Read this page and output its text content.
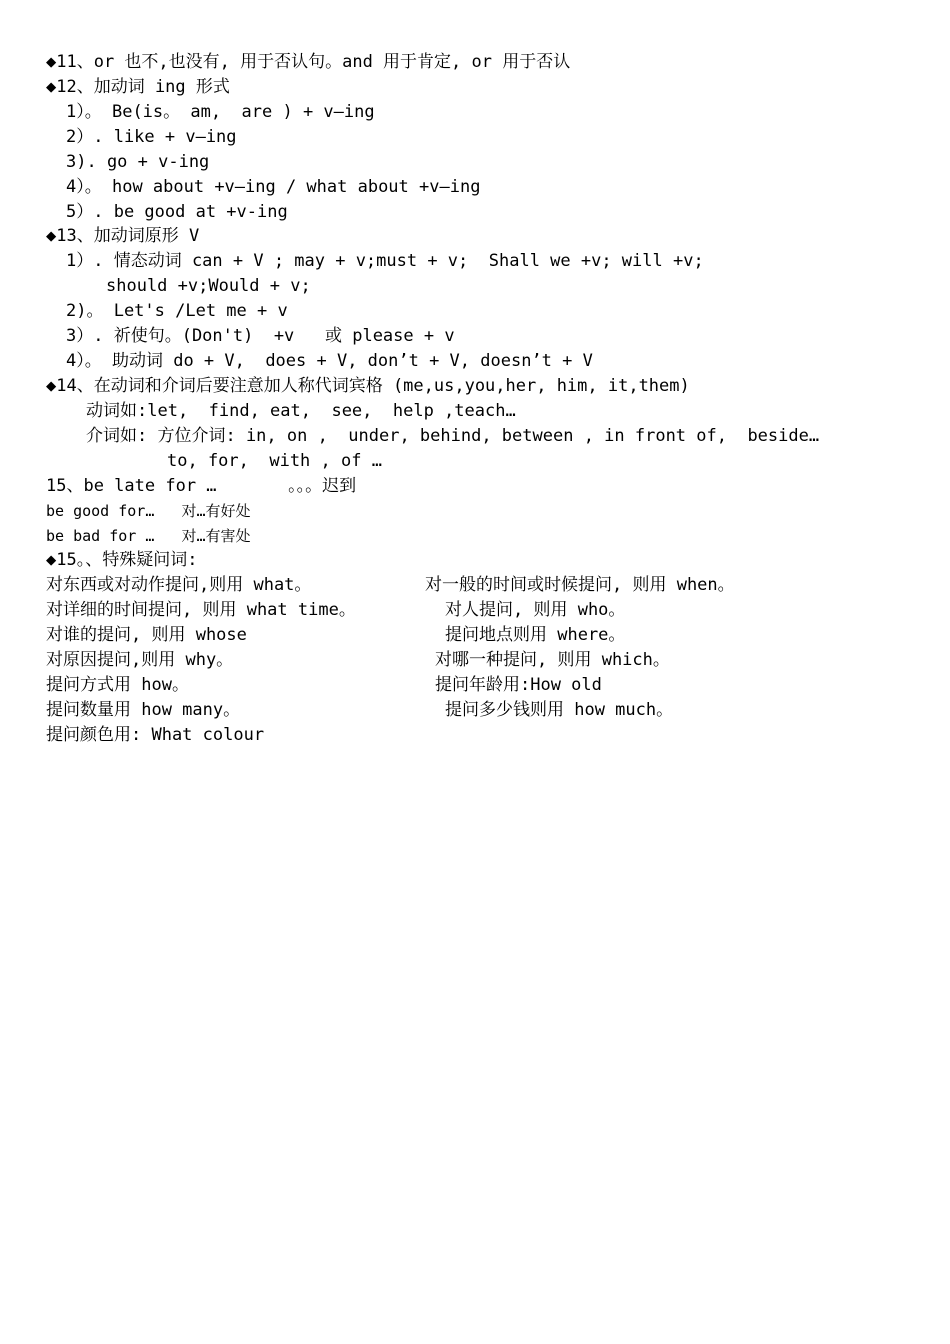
◆11、or 也不,也没有, 用于否认句。and 用于肯定, or 用于否认
◆12、加动词 ing 形式
1）。 Be(is。 am,  are ) + v—ing
2）. like + v—ing
3). go + v-ing
4）。 how about +v—ing / what about +v—ing
5）. be good at +v-ing
◆13、加动词原形 V
1）. 情态动词 can + V ; may + v;must + v;  Shall we +v; will +v;
should +v;Would + v;
2)。 Let's /Let me + v
3）. 祈使句。(Don't)  +v   或 please + v
4）。 助动词 do + V,  does + V, don’t + V, doesn’t + V
◆14、在动词和介词后要注意加人称代词宾格 (me,us,you,her, him, it,them)
动词如:let,  find, eat,  see,  help ,teach…
介词如: 方位介词: in, on ,  under, behind, between , in front of,  beside…
to, for,  with , of …
15、be late for …       。。。迟到
be good for…   对…有好处
be bad for …   对…有害处
◆15。、特殊疑问词:
对东西或对动作提问,则用 what。	对一般的时间或时候提问, 则用 when。
对详细的时间提问, 则用 what time。	对人提问, 则用 who。
对谁的提问, 则用 whose	提问地点则用 where。
对原因提问,则用 why。	对哪一种提问, 则用 which。
提问方式用 how。	提问年龄用:How old
提问数量用 how many。	提问多少钱则用 how much。
提问颜色用: What colour
